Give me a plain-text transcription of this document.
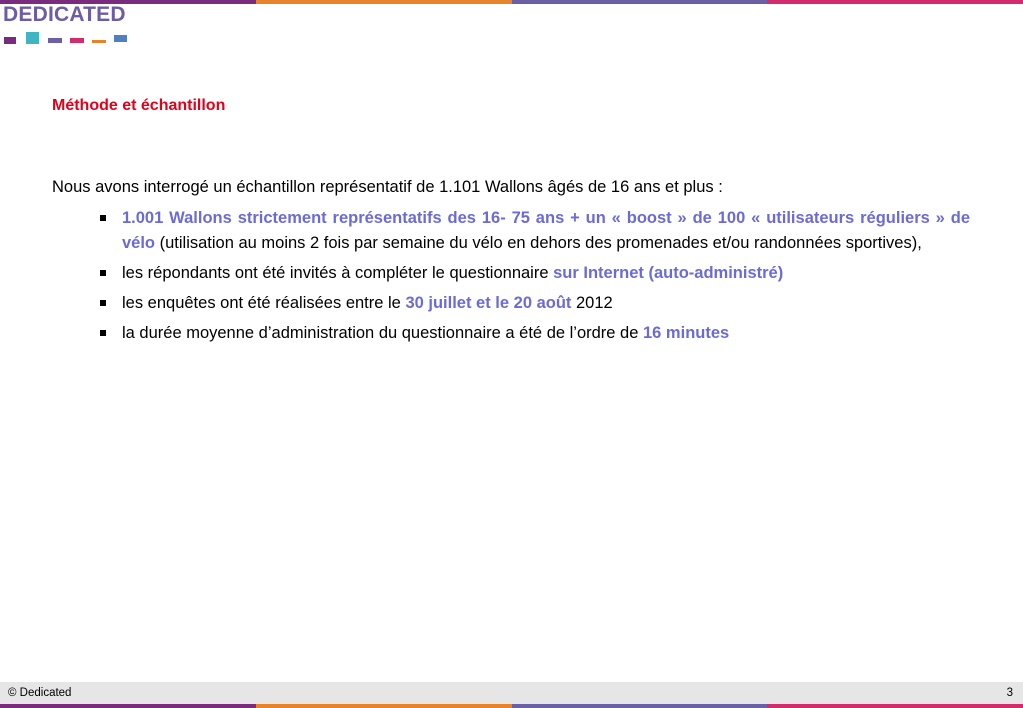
DEDICATED
Méthode et échantillon
Nous avons interrogé un échantillon représentatif de 1.101 Wallons âgés de 16 ans et plus :
1.001 Wallons strictement représentatifs des 16- 75 ans + un « boost » de 100 « utilisateurs réguliers » de vélo (utilisation au moins 2 fois par semaine du vélo en dehors des promenades et/ou randonnées sportives),
les répondants ont été invités à compléter le questionnaire sur Internet (auto-administré)
les enquêtes ont été réalisées entre le 30 juillet et le 20 août 2012
la durée moyenne d’administration du questionnaire a été de l’ordre de 16 minutes
© Dedicated	3
